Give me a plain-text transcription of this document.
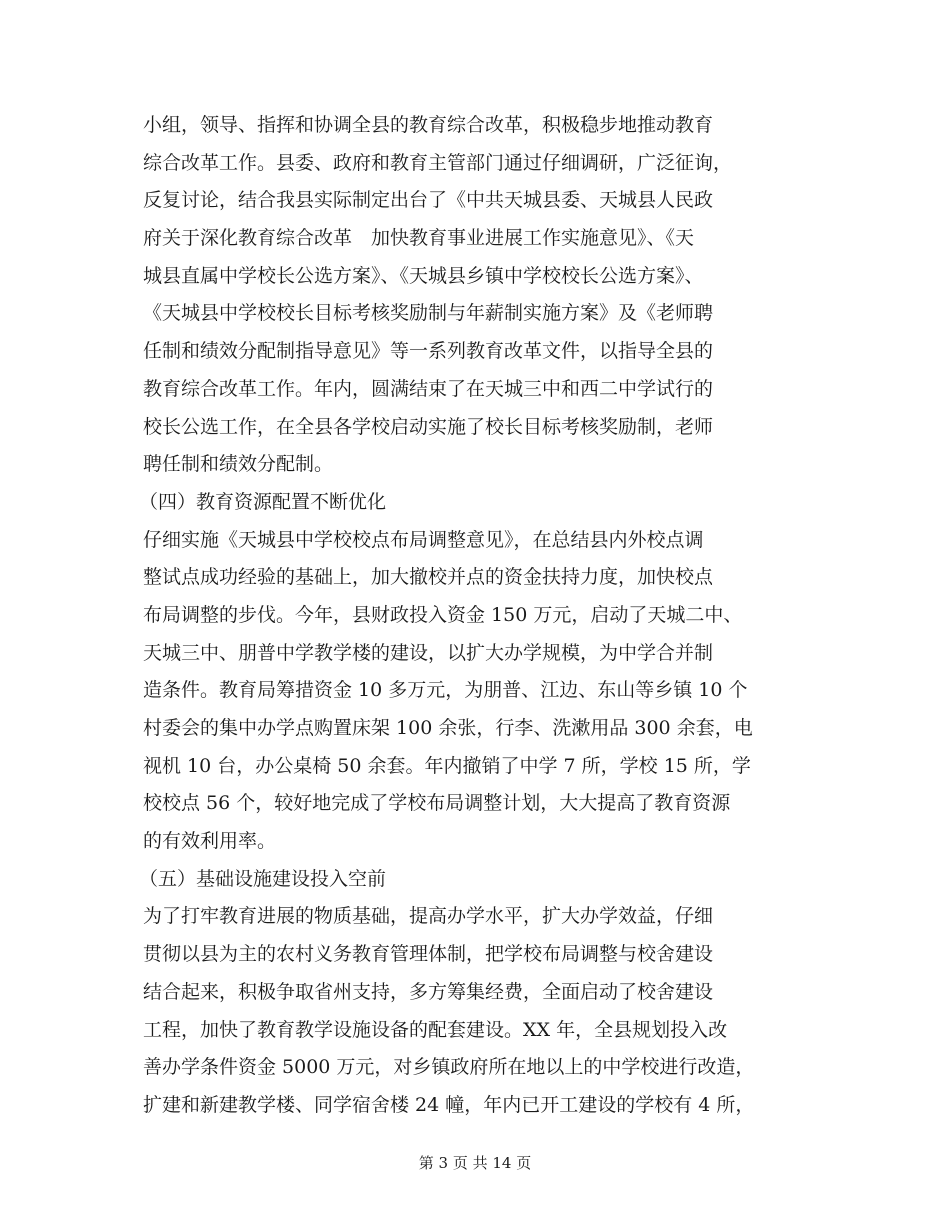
小组，领导、指挥和协调全县的教育综合改革，积极稳步地推动教育
综合改革工作。县委、政府和教育主管部门通过仔细调研，广泛征询，
反复讨论，结合我县实际制定出台了《中共天城县委、天城县人民政
府关于深化教育综合改革　加快教育事业进展工作实施意见》、《天
城县直属中学校长公选方案》、《天城县乡镇中学校校长公选方案》、
《天城县中学校校长目标考核奖励制与年薪制实施方案》及《老师聘
任制和绩效分配制指导意见》等一系列教育改革文件，以指导全县的
教育综合改革工作。年内，圆满结束了在天城三中和西二中学试行的
校长公选工作，在全县各学校启动实施了校长目标考核奖励制，老师
聘任制和绩效分配制。
（四）教育资源配置不断优化
仔细实施《天城县中学校校点布局调整意见》，在总结县内外校点调
整试点成功经验的基础上，加大撤校并点的资金扶持力度，加快校点
布局调整的步伐。今年，县财政投入资金 150 万元，启动了天城二中、
天城三中、朋普中学教学楼的建设，以扩大办学规模，为中学合并制
造条件。教育局筹措资金 10 多万元，为朋普、江边、东山等乡镇 10 个
村委会的集中办学点购置床架 100 余张，行李、洗漱用品 300 余套，电
视机 10 台，办公桌椅 50 余套。年内撤销了中学 7 所，学校 15 所，学
校校点 56 个，较好地完成了学校布局调整计划，大大提高了教育资源
的有效利用率。
（五）基础设施建设投入空前
为了打牢教育进展的物质基础，提高办学水平，扩大办学效益，仔细
贯彻以县为主的农村义务教育管理体制，把学校布局调整与校舍建设
结合起来，积极争取省州支持，多方筹集经费，全面启动了校舍建设
工程，加快了教育教学设施设备的配套建设。XX 年，全县规划投入改
善办学条件资金 5000 万元，对乡镇政府所在地以上的中学校进行改造，
扩建和新建教学楼、同学宿舍楼 24 幢，年内已开工建设的学校有 4 所，
第 3 页 共 14 页
